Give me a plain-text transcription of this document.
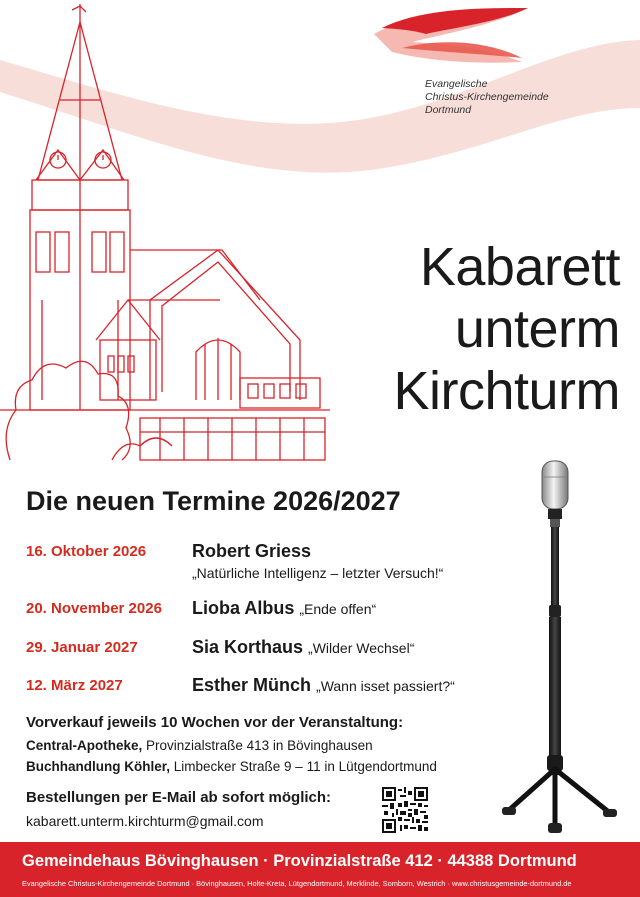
Evangelische
Christus-Kirchengemeinde
Dortmund
Kabarett
unterm
Kirchturm
Die neuen Termine 2026/2027
16. Oktober 2026	Robert Griess
„Natürliche Intelligenz – letzter Versuch!“
20. November 2026 Lioba Albus „Ende offen“
29. Januar 2027	Sia Korthaus „Wilder Wechsel“
12. März 2027	Esther Münch „Wann isset passiert?“
Vorverkauf jeweils 10 Wochen vor der Veranstaltung:
Central-Apotheke, Provinzialstraße 413 in Bövinghausen
Buchhandlung Köhler, Limbecker Straße 9 – 11 in Lütgendortmund
Bestellungen per E-Mail ab sofort möglich:
kabarett.unterm.kirchturm@gmail.com
Gemeindehaus Bövinghausen · Provinzialstraße 412 · 44388 Dortmund
Evangelische Christus-Kirchengemeinde Dortmund · Bövinghausen, Holte-Kreta, Lütgendortmund, Merklinde, Somborn, Westrich · www.christusgemeinde-dortmund.de
